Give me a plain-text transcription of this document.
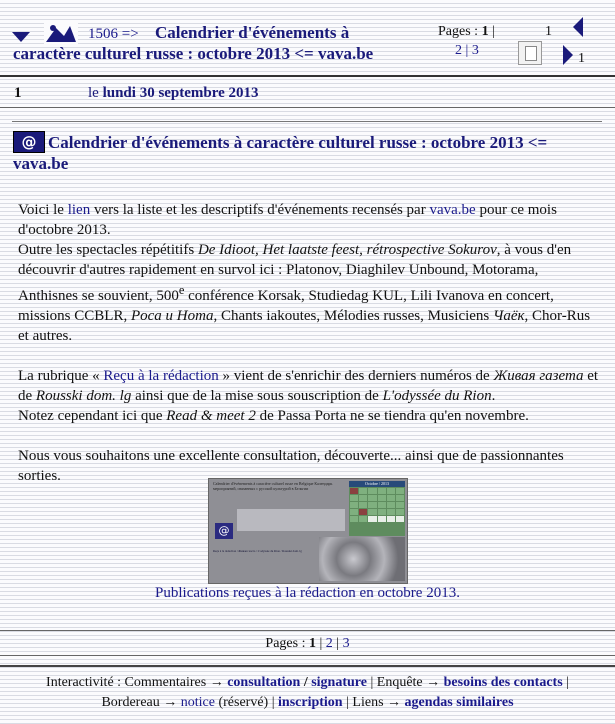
Calendrier d'événements à caractère culturel russe : octobre 2013 <= vava.be
1506 =>	Pages : 1 |
2 | 3
1
1
1	le lundi 30 septembre 2013
@ Calendrier d'événements à caractère culturel russe : octobre 2013 <= vava.be

Voici le lien vers la liste et les descriptifs d'événements recensés par vava.be pour ce mois d'octobre 2013.

Outre les spectacles répétitifs De Idioot, Het laatste feest, rétrospective Sokurov, à vous d'en découvrir d'autres rapidement en survol ici : Platonov, Diaghilev Unbound, Motorama, Anthisnes se souvient, 500e conférence Korsak, Studiedag KUL, Lili Ivanova en concert, missions CCBLR, Poca u Homa, Chants iakoutes, Mélodies russes, Musiciens Чаёк, Chor-Rus et autres.

La rubrique « Reçu à la rédaction » vient de s'enrichir des derniers numéros de Живая газета et de Rousski dom. lg ainsi que de la mise sous souscription de L'odyssée du Rion.

Notez cependant ici que Read & meet 2 de Passa Porta ne se tiendra qu'en novembre.

Nous vous souhaitons une excellente consultation, découverte... ainsi que de passionnantes sorties.	Calendrier d'événements à caractère culturel russe en Belgique Календарь мероприятий, связанных с русской культурой в Бельгии
Octobre / 2013
@
Reçu à la rédaction / Живая газета / L'odyssée du Rion / Rousski dom. lg
Publications reçues à la rédaction en octobre 2013.
Pages : 1 | 2 | 3
Interactivité : Commentaires → consultation / signature | Enquête → besoins des contacts |
Bordereau → notice (réservé) | inscription | Liens → agendas similaires
